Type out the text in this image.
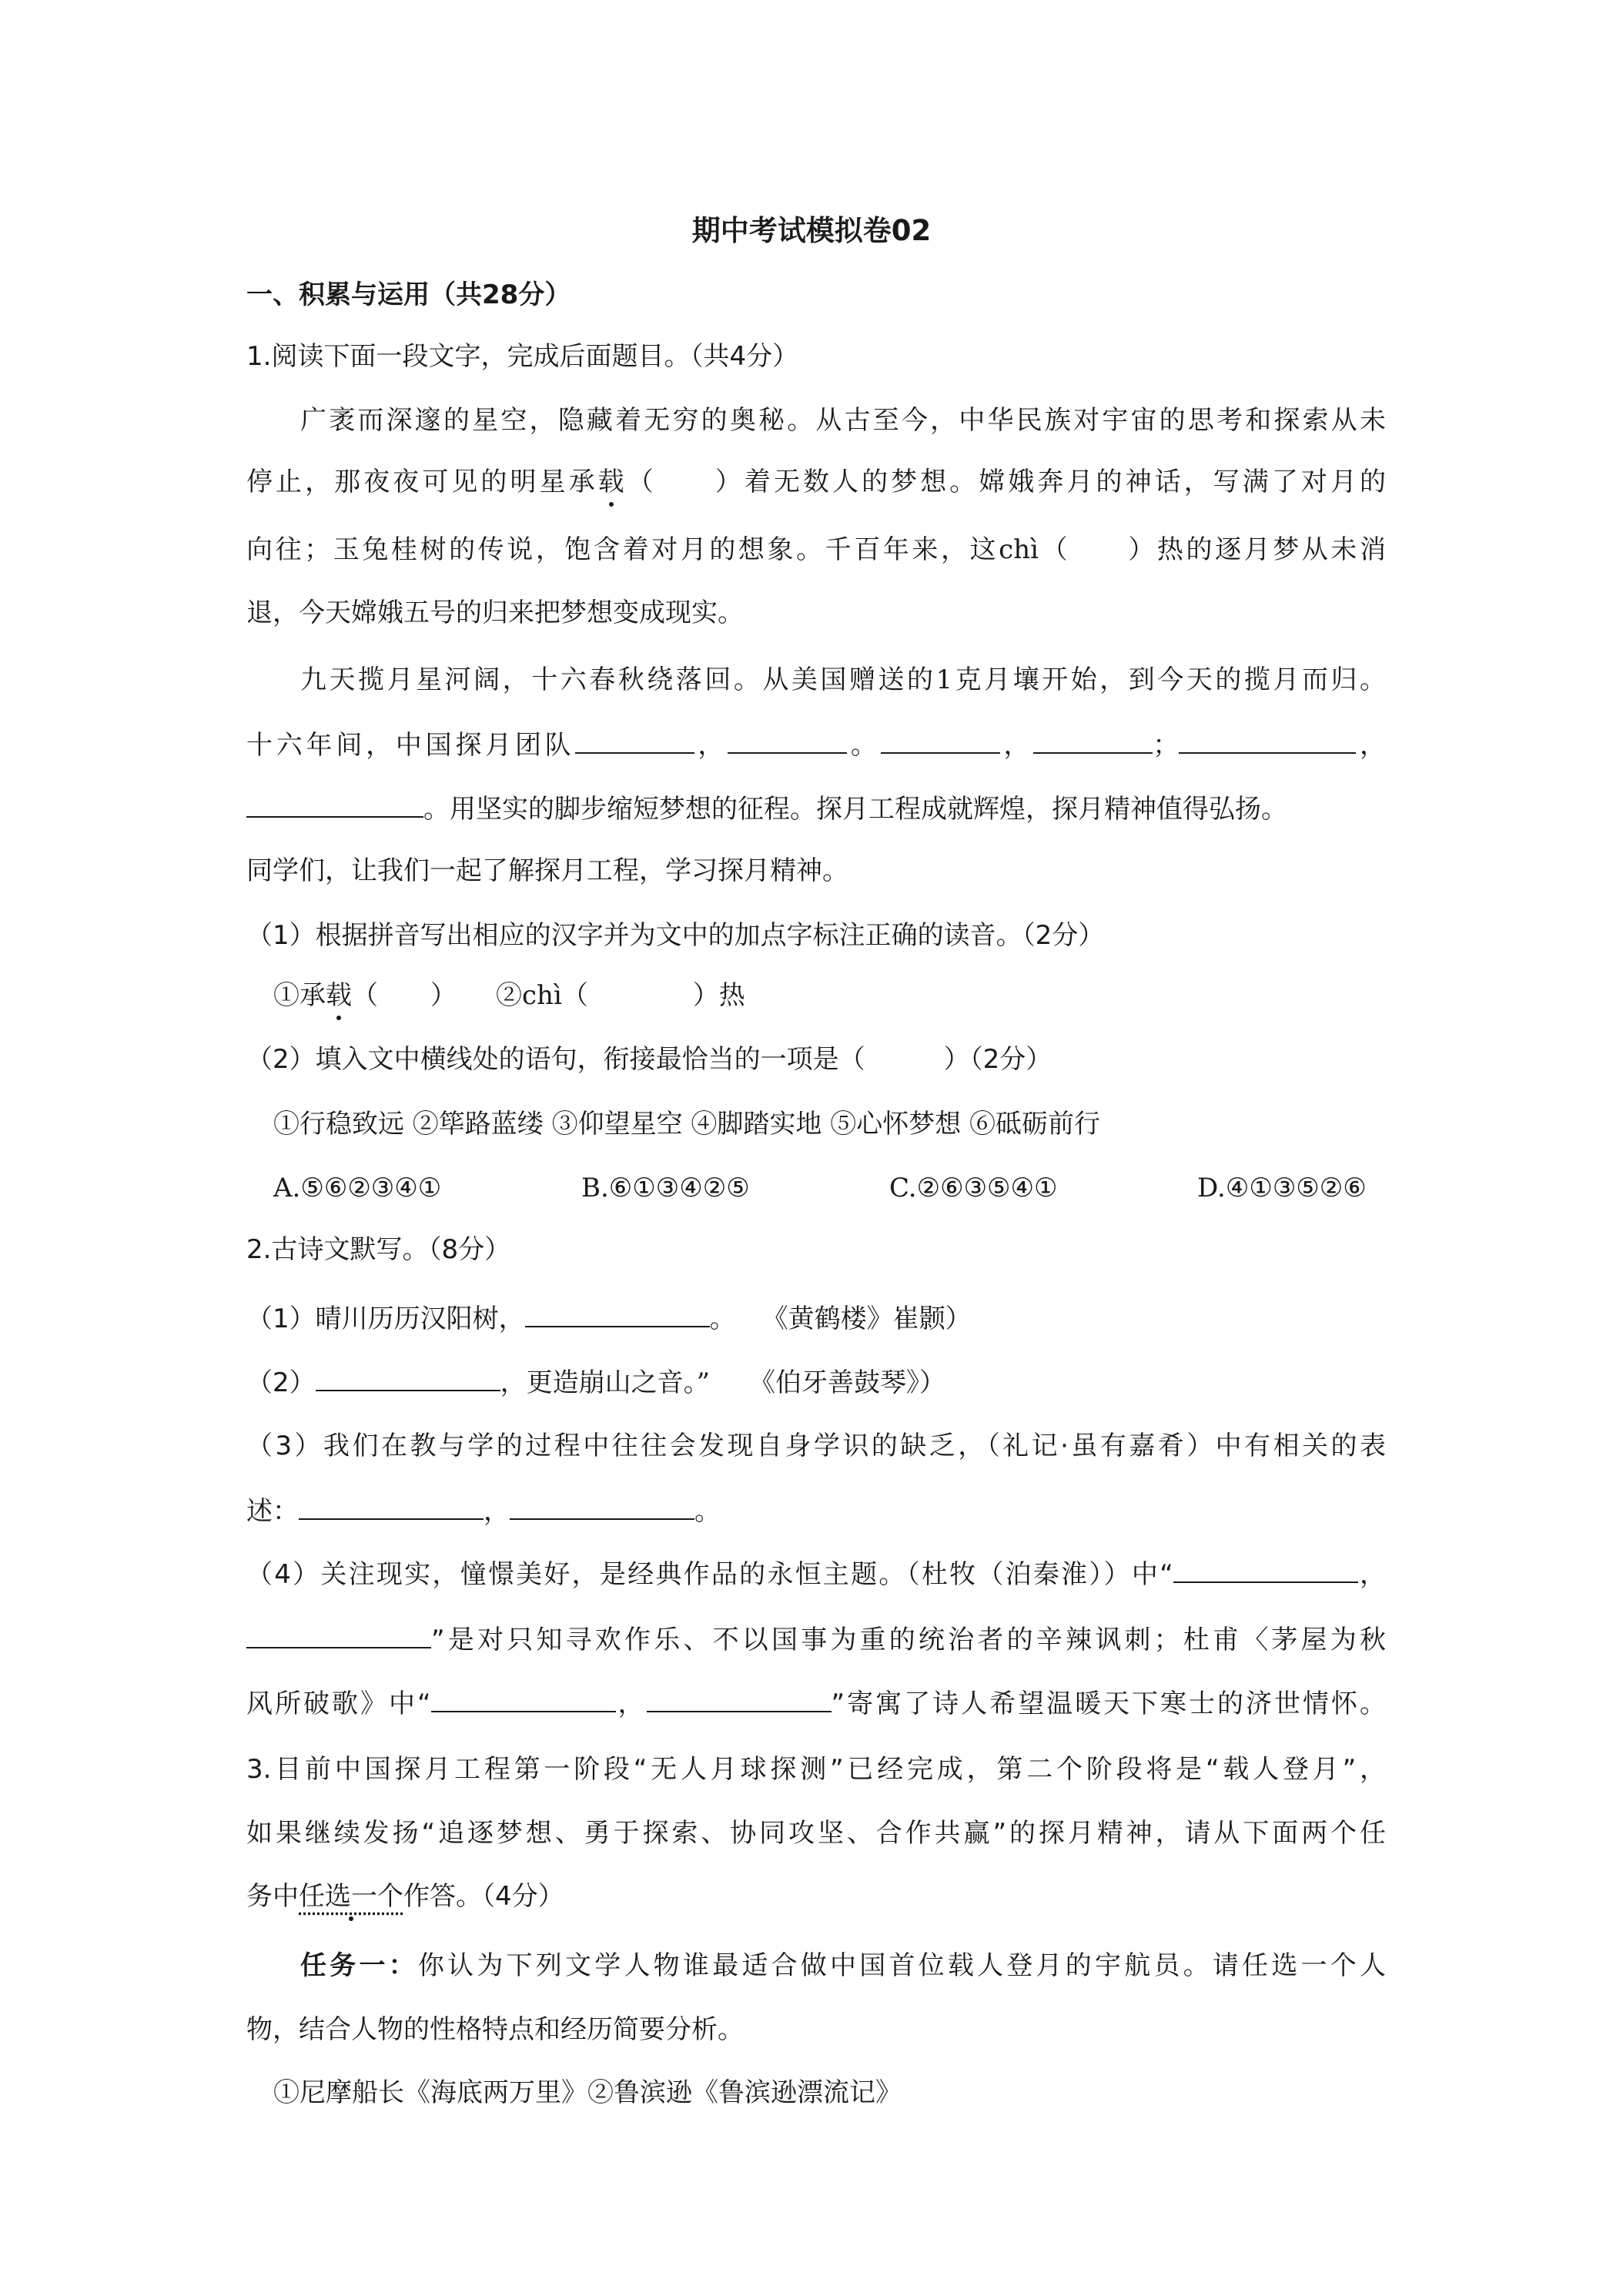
期中考试模拟卷02
一、积累与运用（共28分）
1.阅读下面一段文字，完成后面题目。（共4分）
广袤而深邃的星空，隐藏着无穷的奥秘。从古至今，中华民族对宇宙的思考和探索从未
停止，那夜夜可见的明星承载（　　）着无数人的梦想。嫦娥奔月的神话，写满了对月的
向往；玉兔桂树的传说，饱含着对月的想象。千百年来，这chì（　　）热的逐月梦从未消
退，今天嫦娥五号的归来把梦想变成现实。
九天揽月星河阔，十六春秋绕落回。从美国赠送的1克月壤开始，到今天的揽月而归。
十六年间，中国探月团队	，	。	，	；	，
。用坚实的脚步缩短梦想的征程。探月工程成就辉煌，探月精神值得弘扬。
同学们，让我们一起了解探月工程，学习探月精神。
（1）根据拼音写出相应的汉字并为文中的加点字标注正确的读音。（2分）
①承载（　　）　　②chì（　　　　）热
（2）填入文中横线处的语句，衔接最恰当的一项是（　　　）（2分）
①行稳致远 ②筚路蓝缕 ③仰望星空 ④脚踏实地 ⑤心怀梦想 ⑥砥砺前行
A.⑤⑥②③④①	B.⑥①③④②⑤	C.②⑥③⑤④①	D.④①③⑤②⑥
2.古诗文默写。（8分）
（1）晴川历历汉阳树，	。　　《黄鹤楼》崔颢）
（2）	，更造崩山之音。”　　《伯牙善鼓琴》）
（3）我们在教与学的过程中往往会发现自身学识的缺乏，（礼记·虽有嘉肴）中有相关的表
述：	，	。
（4）关注现实，憧憬美好，是经典作品的永恒主题。（杜牧（泊秦淮））中“	，
”是对只知寻欢作乐、不以国事为重的统治者的辛辣讽刺；杜甫〈茅屋为秋
风所破歌》中“	，	”寄寓了诗人希望温暖天下寒士的济世情怀。
3.目前中国探月工程第一阶段“无人月球探测”已经完成，第二个阶段将是“载人登月”，
如果继续发扬“追逐梦想、勇于探索、协同攻坚、合作共赢”的探月精神，请从下面两个任
务中任选一个作答。（4分）
任务一：你认为下列文学人物谁最适合做中国首位载人登月的宇航员。请任选一个人
物，结合人物的性格特点和经历简要分析。
①尼摩船长《海底两万里》②鲁滨逊《鲁滨逊漂流记》
